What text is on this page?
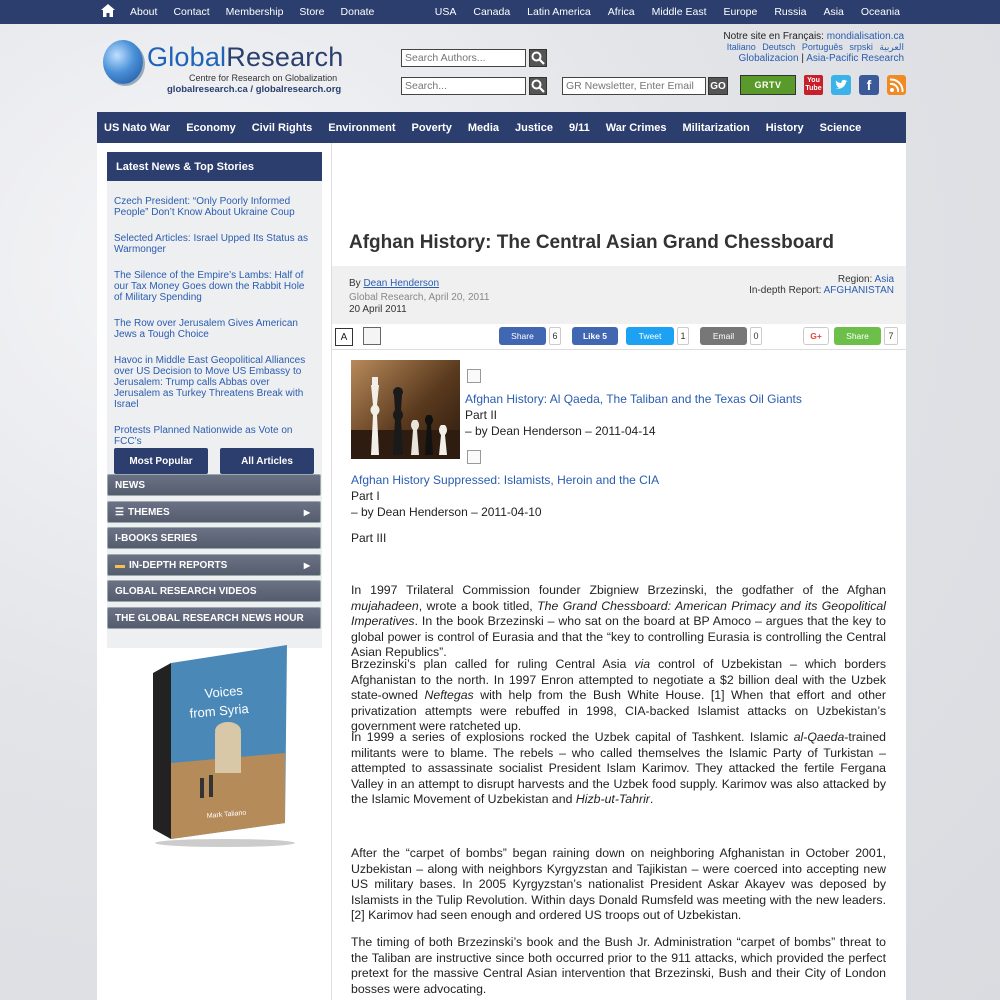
About Contact Membership Store Donate	USA Canada Latin America Africa Middle East Europe Russia Asia Oceania
GlobalResearch
Centre for Research on Globalization
globalresearch.ca / globalresearch.org
Search Authors...
Search...
GR Newsletter, Enter Email	GO
Notre site en Français: mondialisation.ca
Italiano Deutsch Português srpski العربية
Globalizacion | Asia-Pacific Research
GRTV	You
Tube	f
US Nato War Economy Civil Rights Environment Poverty Media Justice 9/11 War Crimes Militarization History Science
Latest News & Top Stories
Czech President: “Only Poorly Informed People” Don’t Know About Ukraine Coup
Selected Articles: Israel Upped Its Status as Warmonger
The Silence of the Empire’s Lambs: Half of our Tax Money Goes down the Rabbit Hole of Military Spending
The Row over Jerusalem Gives American Jews a Tough Choice
Havoc in Middle East Geopolitical Alliances over US Decision to Move US Embassy to Jerusalem: Trump calls Abbas over Jerusalem as Turkey Threatens Break with Israel
Protests Planned Nationwide as Vote on FCC’s
Most Popular	All Articles
NEWS
☰ THEMES	▶
I-BOOKS SERIES
▬ IN-DEPTH REPORTS	▶
GLOBAL RESEARCH VIDEOS
THE GLOBAL RESEARCH NEWS HOUR
Voices
from Syria
Mark Taliano
Afghan History: The Central Asian Grand Chessboard
By Dean Henderson
Global Research, April 20, 2011
20 April 2011
Region: Asia
In-depth Report: AFGHANISTAN
A	Share	6	Like 5	Tweet	1	Email	0	G+	Share	7
Afghan History: Al Qaeda, The Taliban and the Texas Oil Giants
Part II
– by Dean Henderson – 2011-04-14
Afghan History Suppressed: Islamists, Heroin and the CIA
Part I
– by Dean Henderson – 2011-04-10
Part III

In 1997 Trilateral Commission founder Zbigniew Brzezinski, the godfather of the Afghan mujahadeen, wrote a book titled, The Grand Chessboard: American Primacy and its Geopolitical Imperatives. In the book Brzezinski – who sat on the board at BP Amoco – argues that the key to global power is control of Eurasia and that the “key to controlling Eurasia is controlling the Central Asian Republics”.

Brzezinski’s plan called for ruling Central Asia via control of Uzbekistan – which borders Afghanistan to the north. In 1997 Enron attempted to negotiate a $2 billion deal with the Uzbek state-owned Neftegas with help from the Bush White House. [1] When that effort and other privatization attempts were rebuffed in 1998, CIA-backed Islamist attacks on Uzbekistan’s government were ratcheted up.

In 1999 a series of explosions rocked the Uzbek capital of Tashkent. Islamic al-Qaeda-trained militants were to blame. The rebels – who called themselves the Islamic Party of Turkistan – attempted to assassinate socialist President Islam Karimov. They attacked the fertile Fergana Valley in an attempt to disrupt harvests and the Uzbek food supply. Karimov was also attacked by the Islamic Movement of Uzbekistan and Hizb-ut-Tahrir.

After the “carpet of bombs” began raining down on neighboring Afghanistan in October 2001, Uzbekistan – along with neighbors Kyrgyzstan and Tajikistan – were coerced into accepting new US military bases. In 2005 Kyrgyzstan’s nationalist President Askar Akayev was deposed by Islamists in the Tulip Revolution. Within days Donald Rumsfeld was meeting with the new leaders. [2] Karimov had seen enough and ordered US troops out of Uzbekistan.

The timing of both Brzezinski’s book and the Bush Jr. Administration “carpet of bombs” threat to the Taliban are instructive since both occurred prior to the 911 attacks, which provided the perfect pretext for the massive Central Asian intervention that Brzezinski, Bush and their City of London bosses were advocating.
